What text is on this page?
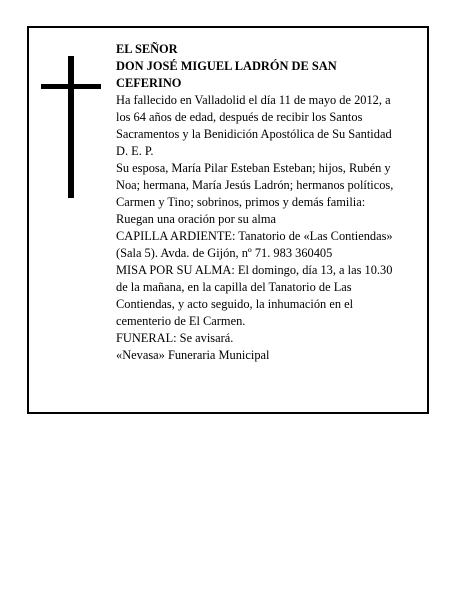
EL SEÑOR
DON JOSÉ MIGUEL LADRÓN DE SAN
CEFERINO
Ha fallecido en Valladolid el día 11 de mayo de 2012, a
los 64 años de edad, después de recibir los Santos
Sacramentos y la Benidición Apostólica de Su Santidad
D. E. P.
Su esposa, María Pilar Esteban Esteban; hijos, Rubén y
Noa; hermana, María Jesús Ladrón; hermanos políticos,
Carmen y Tino; sobrinos, primos y demás familia:
Ruegan una oración por su alma
CAPILLA ARDIENTE: Tanatorio de «Las Contiendas»
(Sala 5). Avda. de Gijón, nº 71. 983 360405
MISA POR SU ALMA: El domingo, día 13, a las 10.30
de la mañana, en la capilla del Tanatorio de Las
Contiendas, y acto seguido, la inhumación en el
cementerio de El Carmen.
FUNERAL: Se avisará.
«Nevasa» Funeraria Municipal
